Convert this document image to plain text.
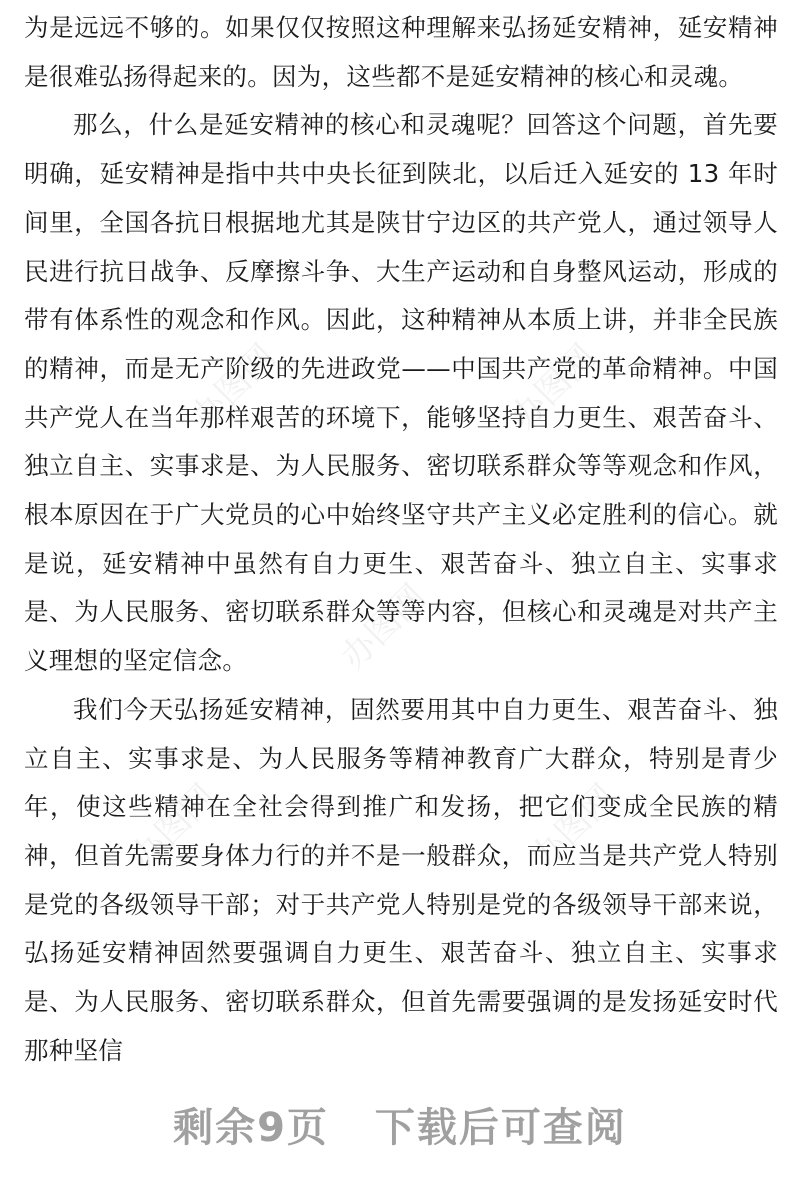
办图网	办图网
办图网
办图网	办图网

为是远远不够的。如果仅仅按照这种理解来弘扬延安精神，延安精神是很难弘扬得起来的。因为，这些都不是延安精神的核心和灵魂。

那么，什么是延安精神的核心和灵魂呢？回答这个问题，首先要明确，延安精神是指中共中央长征到陕北，以后迁入延安的 13 年时间里，全国各抗日根据地尤其是陕甘宁边区的共产党人，通过领导人民进行抗日战争、反摩擦斗争、大生产运动和自身整风运动，形成的带有体系性的观念和作风。因此，这种精神从本质上讲，并非全民族的精神，而是无产阶级的先进政党——中国共产党的革命精神。中国共产党人在当年那样艰苦的环境下，能够坚持自力更生、艰苦奋斗、独立自主、实事求是、为人民服务、密切联系群众等等观念和作风，根本原因在于广大党员的心中始终坚守共产主义必定胜利的信心。就是说，延安精神中虽然有自力更生、艰苦奋斗、独立自主、实事求是、为人民服务、密切联系群众等等内容，但核心和灵魂是对共产主义理想的坚定信念。

我们今天弘扬延安精神，固然要用其中自力更生、艰苦奋斗、独立自主、实事求是、为人民服务等精神教育广大群众，特别是青少年，使这些精神在全社会得到推广和发扬，把它们变成全民族的精神，但首先需要身体力行的并不是一般群众，而应当是共产党人特别是党的各级领导干部；对于共产党人特别是党的各级领导干部来说，弘扬延安精神固然要强调自力更生、艰苦奋斗、独立自主、实事求是、为人民服务、密切联系群众，但首先需要强调的是发扬延安时代那种坚信

剩余9页 下载后可查阅
